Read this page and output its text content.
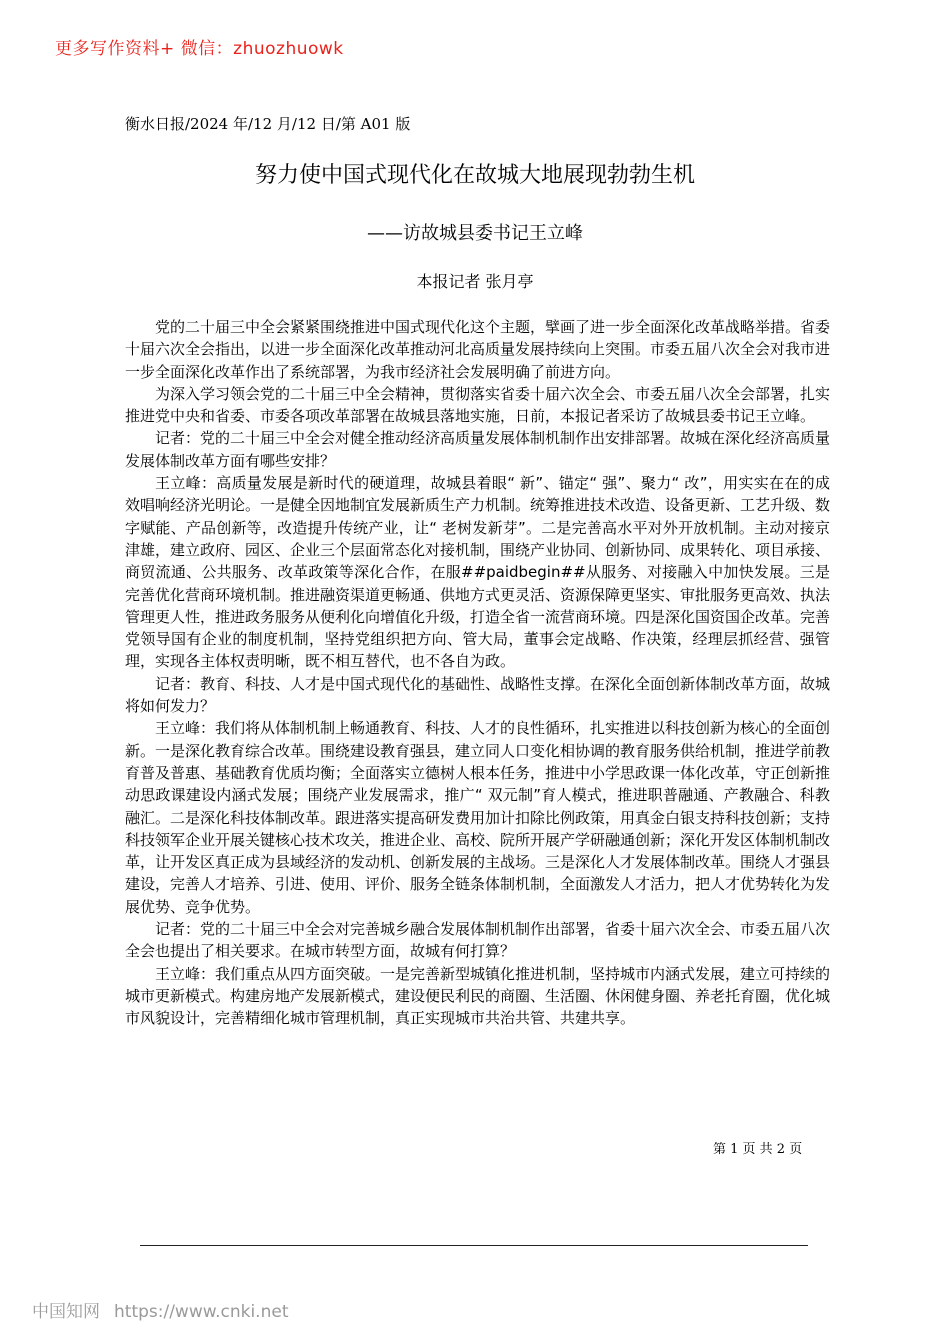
更多写作资料+ 微信：zhuozhuowk
衡水日报/2024 年/12 月/12 日/第 A01 版
努力使中国式现代化在故城大地展现勃勃生机
——访故城县委书记王立峰
本报记者 张月亭

党的二十届三中全会紧紧围绕推进中国式现代化这个主题，擘画了进一步全面深化改革战略举措。省委十届六次全会指出，以进一步全面深化改革推动河北高质量发展持续向上突围。市委五届八次全会对我市进一步全面深化改革作出了系统部署，为我市经济社会发展明确了前进方向。

为深入学习领会党的二十届三中全会精神，贯彻落实省委十届六次全会、市委五届八次全会部署，扎实推进党中央和省委、市委各项改革部署在故城县落地实施，日前，本报记者采访了故城县委书记王立峰。

记者：党的二十届三中全会对健全推动经济高质量发展体制机制作出安排部署。故城在深化经济高质量发展体制改革方面有哪些安排？

王立峰：高质量发展是新时代的硬道理，故城县着眼“ 新”、锚定“ 强”、聚力“ 改”，用实实在在的成效唱响经济光明论。一是健全因地制宜发展新质生产力机制。统筹推进技术改造、设备更新、工艺升级、数字赋能、产品创新等，改造提升传统产业，让“ 老树发新芽”。二是完善高水平对外开放机制。主动对接京津雄，建立政府、园区、企业三个层面常态化对接机制，围绕产业协同、创新协同、成果转化、项目承接、商贸流通、公共服务、改革政策等深化合作，在服##paidbegin##从服务、对接融入中加快发展。三是完善优化营商环境机制。推进融资渠道更畅通、供地方式更灵活、资源保障更坚实、审批服务更高效、执法管理更人性，推进政务服务从便利化向增值化升级，打造全省一流营商环境。四是深化国资国企改革。完善党领导国有企业的制度机制，坚持党组织把方向、管大局，董事会定战略、作决策，经理层抓经营、强管理，实现各主体权责明晰，既不相互替代，也不各自为政。

记者：教育、科技、人才是中国式现代化的基础性、战略性支撑。在深化全面创新体制改革方面，故城将如何发力？

王立峰：我们将从体制机制上畅通教育、科技、人才的良性循环，扎实推进以科技创新为核心的全面创新。一是深化教育综合改革。围绕建设教育强县，建立同人口变化相协调的教育服务供给机制，推进学前教育普及普惠、基础教育优质均衡；全面落实立德树人根本任务，推进中小学思政课一体化改革，守正创新推动思政课建设内涵式发展；围绕产业发展需求，推广“ 双元制”育人模式，推进职普融通、产教融合、科教融汇。二是深化科技体制改革。跟进落实提高研发费用加计扣除比例政策，用真金白银支持科技创新；支持科技领军企业开展关键核心技术攻关，推进企业、高校、院所开展产学研融通创新；深化开发区体制机制改革，让开发区真正成为县域经济的发动机、创新发展的主战场。三是深化人才发展体制改革。围绕人才强县建设，完善人才培养、引进、使用、评价、服务全链条体制机制，全面激发人才活力，把人才优势转化为发展优势、竞争优势。

记者：党的二十届三中全会对完善城乡融合发展体制机制作出部署，省委十届六次全会、市委五届八次全会也提出了相关要求。在城市转型方面，故城有何打算？

王立峰：我们重点从四方面突破。一是完善新型城镇化推进机制，坚持城市内涵式发展，建立可持续的城市更新模式。构建房地产发展新模式，建设便民利民的商圈、生活圈、休闲健身圈、养老托育圈，优化城市风貌设计，完善精细化城市管理机制，真正实现城市共治共管、共建共享。

第 1 页 共 2 页
中国知网 https://www.cnki.net
